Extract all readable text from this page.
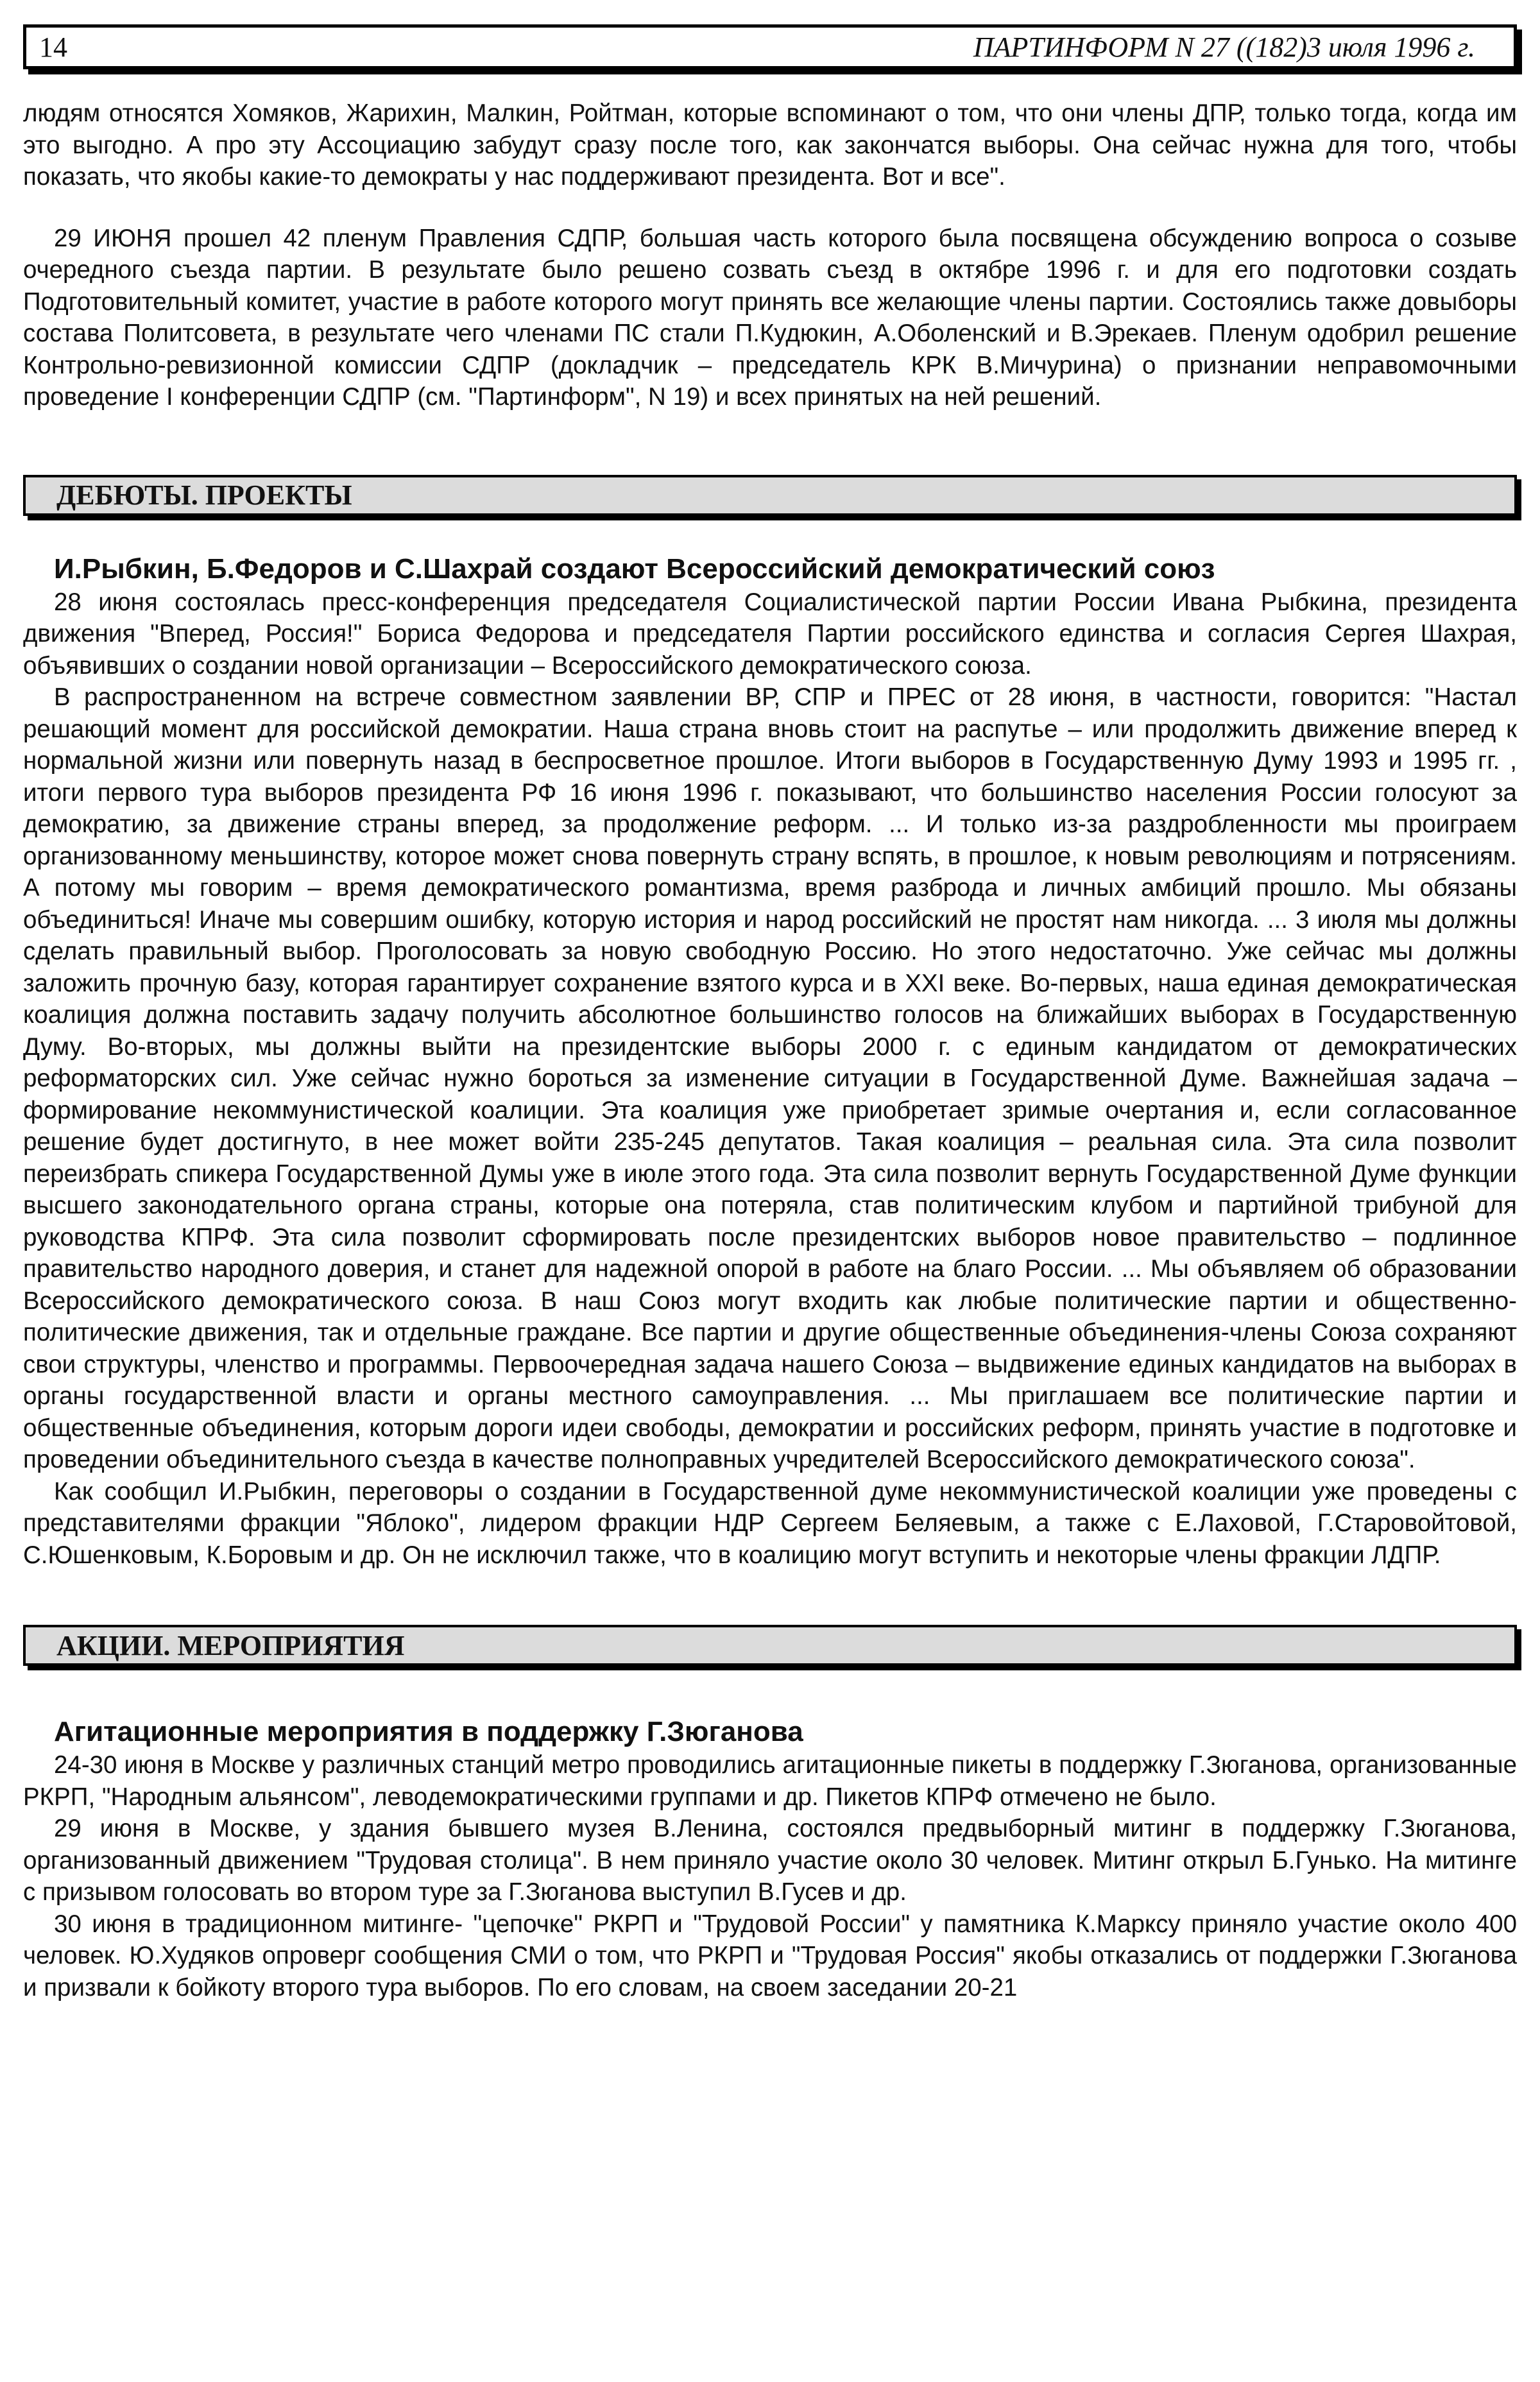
14	ПАРТИНФОРМ N 27 ((182)3 июля 1996 г.

людям относятся Хомяков, Жарихин, Малкин, Ройтман, которые вспоминают о том, что они члены ДПР, только тогда, когда им это выгодно. А про эту Ассоциацию забудут сразу после того, как закончатся выборы. Она сейчас нужна для того, чтобы показать, что якобы какие-то демократы у нас поддерживают президента. Вот и все".

29 ИЮНЯ прошел 42 пленум Правления СДПР, большая часть которого была посвящена обсуждению вопроса о созыве очередного съезда партии. В результате было решено созвать съезд в октябре 1996 г. и для его подготовки создать Подготовительный комитет, участие в работе которого могут принять все желающие члены партии. Состоялись также довыборы состава Политсовета, в результате чего членами ПС стали П.Кудюкин, А.Оболенский и В.Эрекаев. Пленум одобрил решение Контрольно-ревизионной комиссии СДПР (докладчик – председатель КРК В.Мичурина) о признании неправомочными проведение I конференции СДПР (см. "Партинформ", N 19) и всех принятых на ней решений.

ДЕБЮТЫ. ПРОЕКТЫ
И.Рыбкин, Б.Федоров и С.Шахрай создают Всероссийский демократический союз

28 июня состоялась пресс-конференция председателя Социалистической партии России Ивана Рыбкина, президента движения "Вперед, Россия!" Бориса Федорова и председателя Партии российского единства и согласия Сергея Шахрая, объявивших о создании новой организации – Всероссийского демократического союза.

В распространенном на встрече совместном заявлении ВР, СПР и ПРЕС от 28 июня, в частности, говорится: "Настал решающий момент для российской демократии. Наша страна вновь стоит на распутье – или продолжить движение вперед к нормальной жизни или повернуть назад в беспросветное прошлое. Итоги выборов в Государственную Думу 1993 и 1995 гг. , итоги первого тура выборов президента РФ 16 июня 1996 г. показывают, что большинство населения России голосуют за демократию, за движение страны вперед, за продолжение реформ. ... И только из-за раздробленности мы проиграем организованному меньшинству, которое может снова повернуть страну вспять, в прошлое, к новым революциям и потрясениям. А потому мы говорим – время демократического романтизма, время разброда и личных амбиций прошло. Мы обязаны объединиться! Иначе мы совершим ошибку, которую история и народ российский не простят нам никогда. ... 3 июля мы должны сделать правильный выбор. Проголосовать за новую свободную Россию. Но этого недостаточно. Уже сейчас мы должны заложить прочную базу, которая гарантирует сохранение взятого курса и в XXI веке. Во-первых, наша единая демократическая коалиция должна поставить задачу получить абсолютное большинство голосов на ближайших выборах в Государственную Думу. Во-вторых, мы должны выйти на президентские выборы 2000 г. с единым кандидатом от демократических реформаторских сил. Уже сейчас нужно бороться за изменение ситуации в Государственной Думе. Важнейшая задача – формирование некоммунистической коалиции. Эта коалиция уже приобретает зримые очертания и, если согласованное решение будет достигнуто, в нее может войти 235-245 депутатов. Такая коалиция – реальная сила. Эта сила позволит переизбрать спикера Государственной Думы уже в июле этого года. Эта сила позволит вернуть Государственной Думе функции высшего законодательного органа страны, которые она потеряла, став политическим клубом и партийной трибуной для руководства КПРФ. Эта сила позволит сформировать после президентских выборов новое правительство – подлинное правительство народного доверия, и станет для надежной опорой в работе на благо России. ... Мы объявляем об образовании Всероссийского демократического союза. В наш Союз могут входить как любые политические партии и общественно-политические движения, так и отдельные граждане. Все партии и другие общественные объединения-члены Союза сохраняют свои структуры, членство и программы. Первоочередная задача нашего Союза – выдвижение единых кандидатов на выборах в органы государственной власти и органы местного самоуправления. ... Мы приглашаем все политические партии и общественные объединения, которым дороги идеи свободы, демократии и российских реформ, принять участие в подготовке и проведении объединительного съезда в качестве полноправных учредителей Всероссийского демократического союза".

Как сообщил И.Рыбкин, переговоры о создании в Государственной думе некоммунистической коалиции уже проведены с представителями фракции "Яблоко", лидером фракции НДР Сергеем Беляевым, а также с Е.Лаховой, Г.Старовойтовой, С.Юшенковым, К.Боровым и др. Он не исключил также, что в коалицию могут вступить и некоторые члены фракции ЛДПР.

АКЦИИ. МЕРОПРИЯТИЯ
Агитационные мероприятия в поддержку Г.Зюганова

24-30 июня в Москве у различных станций метро проводились агитационные пикеты в поддержку Г.Зюганова, организованные РКРП, "Народным альянсом", леводемократическими группами и др. Пикетов КПРФ отмечено не было.

29 июня в Москве, у здания бывшего музея В.Ленина, состоялся предвыборный митинг в поддержку Г.Зюганова, организованный движением "Трудовая столица". В нем приняло участие около 30 человек. Митинг открыл Б.Гунько. На митинге с призывом голосовать во втором туре за Г.Зюганова выступил В.Гусев и др.

30 июня в традиционном митинге- "цепочке" РКРП и "Трудовой России" у памятника К.Марксу приняло участие около 400 человек. Ю.Худяков опроверг сообщения СМИ о том, что РКРП и "Трудовая Россия" якобы отказались от поддержки Г.Зюганова и призвали к бойкоту второго тура выборов. По его словам, на своем заседании 20-21
